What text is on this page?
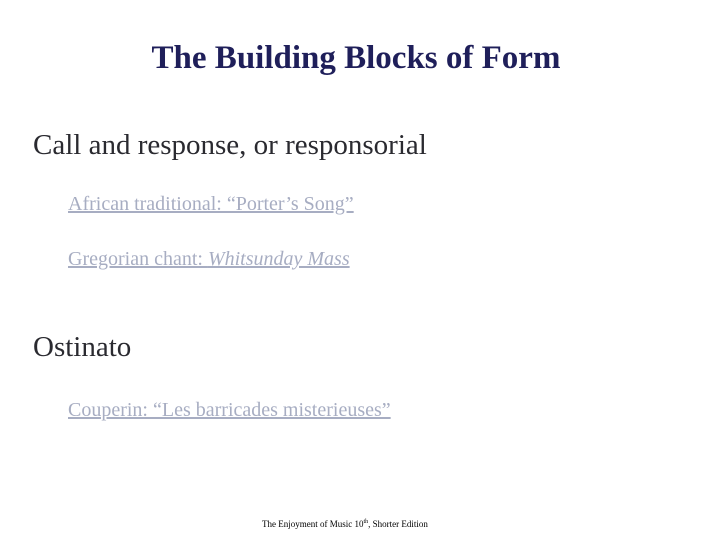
The Building Blocks of Form
Call and response, or responsorial
African traditional: “Porter’s Song”
Gregorian chant: Whitsunday Mass
Ostinato
Couperin: “Les barricades misterieuses”
The Enjoyment of Music 10th, Shorter Edition
